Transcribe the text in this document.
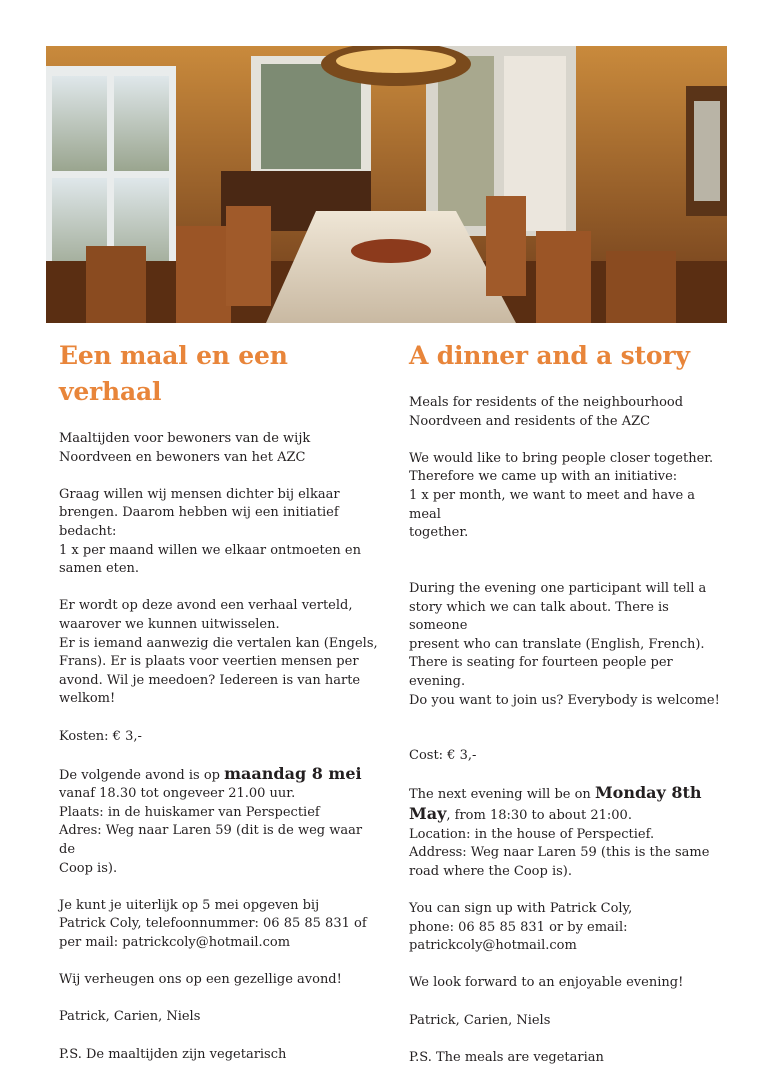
Een maal en een verhaal
Maaltijden voor bewoners van de wijk
Noordveen en bewoners van het AZC
Graag willen wij mensen dichter bij elkaar
brengen. Daarom hebben wij een initiatief
bedacht:
1 x per maand willen we elkaar ontmoeten en
samen eten.
Er wordt op deze avond een verhaal verteld,
waarover we kunnen uitwisselen.
Er is iemand aanwezig die vertalen kan (Engels,
Frans). Er is plaats voor veertien mensen per
avond. Wil je meedoen? Iedereen is van harte
welkom!
Kosten: € 3,-
De volgende avond is op maandag 8 mei
vanaf 18.30 tot ongeveer 21.00 uur.
Plaats: in de huiskamer van Perspectief
Adres: Weg naar Laren 59 (dit is de weg waar de
Coop is).
Je kunt je uiterlijk op 5 mei opgeven bij
Patrick Coly, telefoonnummer: 06 85 85 831 of
per mail: patrickcoly@hotmail.com
Wij verheugen ons op een gezellige avond!
Patrick, Carien, Niels
P.S. De maaltijden zijn vegetarisch
A dinner and a story
Meals for residents of the neighbourhood
Noordveen and residents of the AZC
We would like to bring people closer together.
Therefore we came up with an initiative:
1 x per month, we want to meet and have a meal
together.
During the evening one participant will tell a
story which we can talk about. There is someone
present who can translate (English, French).
There is seating for fourteen people per evening.
Do you want to join us? Everybody is welcome!
Cost: € 3,-
The next evening will be on Monday 8th
May, from 18:30 to about 21:00.
Location: in the house of Perspectief.
Address: Weg naar Laren 59 (this is the same
road where the Coop is).
You can sign up with Patrick Coly,
phone: 06 85 85 831 or by email:
patrickcoly@hotmail.com
We look forward to an enjoyable evening!
Patrick, Carien, Niels
P.S. The meals are vegetarian
